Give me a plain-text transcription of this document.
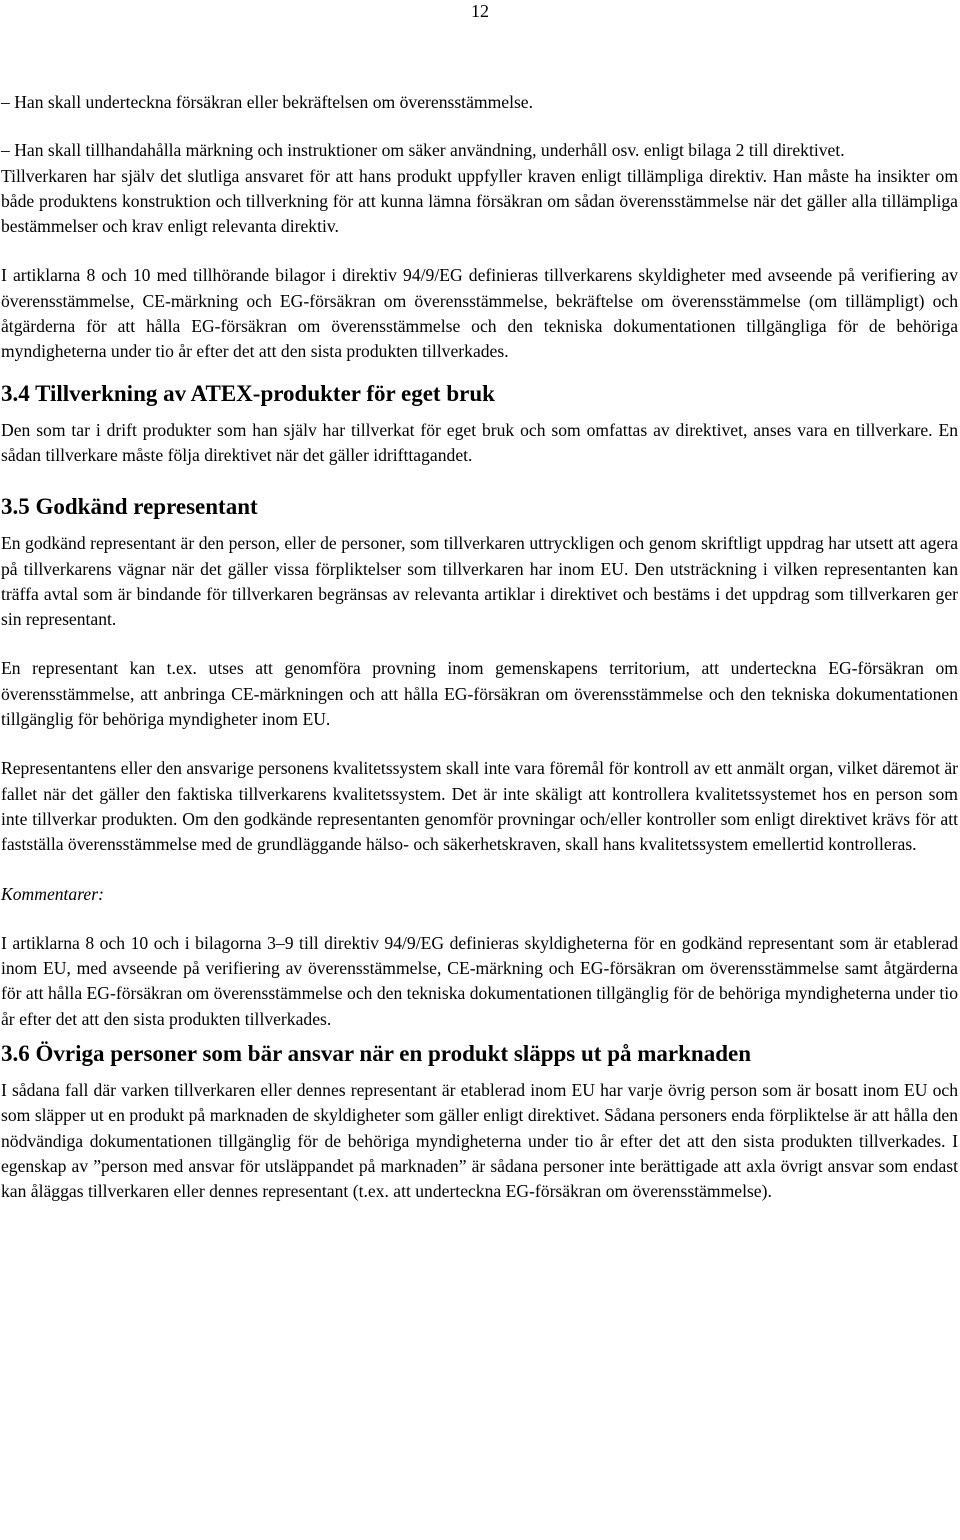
12

– Han skall underteckna försäkran eller bekräftelsen om överensstämmelse.

– Han skall tillhandahålla märkning och instruktioner om säker användning, underhåll osv. enligt bilaga 2 till direktivet.

Tillverkaren har själv det slutliga ansvaret för att hans produkt uppfyller kraven enligt tillämpliga direktiv. Han måste ha insikter om både produktens konstruktion och tillverkning för att kunna lämna försäkran om sådan överensstämmelse när det gäller alla tillämpliga bestämmelser och krav enligt relevanta direktiv.

I artiklarna 8 och 10 med tillhörande bilagor i direktiv 94/9/EG definieras tillverkarens skyldigheter med avseende på verifiering av överensstämmelse, CE-märkning och EG-försäkran om överensstämmelse, bekräftelse om överensstämmelse (om tillämpligt) och åtgärderna för att hålla EG-försäkran om överensstämmelse och den tekniska dokumentationen tillgängliga för de behöriga myndigheterna under tio år efter det att den sista produkten tillverkades.

3.4 Tillverkning av ATEX-produkter för eget bruk

Den som tar i drift produkter som han själv har tillverkat för eget bruk och som omfattas av direktivet, anses vara en tillverkare. En sådan tillverkare måste följa direktivet när det gäller idrifttagandet.

3.5 Godkänd representant

En godkänd representant är den person, eller de personer, som tillverkaren uttryckligen och genom skriftligt uppdrag har utsett att agera på tillverkarens vägnar när det gäller vissa förpliktelser som tillverkaren har inom EU. Den utsträckning i vilken representanten kan träffa avtal som är bindande för tillverkaren begränsas av relevanta artiklar i direktivet och bestäms i det uppdrag som tillverkaren ger sin representant.

En representant kan t.ex. utses att genomföra provning inom gemenskapens territorium, att underteckna EG-försäkran om överensstämmelse, att anbringa CE-märkningen och att hålla EG-försäkran om överensstämmelse och den tekniska dokumentationen tillgänglig för behöriga myndigheter inom EU.

Representantens eller den ansvarige personens kvalitetssystem skall inte vara föremål för kontroll av ett anmält organ, vilket däremot är fallet när det gäller den faktiska tillverkarens kvalitetssystem. Det är inte skäligt att kontrollera kvalitetssystemet hos en person som inte tillverkar produkten. Om den godkände representanten genomför provningar och/eller kontroller som enligt direktivet krävs för att fastställa överensstämmelse med de grundläggande hälso- och säkerhetskraven, skall hans kvalitetssystem emellertid kontrolleras.

Kommentarer:

I artiklarna 8 och 10 och i bilagorna 3–9 till direktiv 94/9/EG definieras skyldigheterna för en godkänd representant som är etablerad inom EU, med avseende på verifiering av överensstämmelse, CE-märkning och EG-försäkran om överensstämmelse samt åtgärderna för att hålla EG-försäkran om överensstämmelse och den tekniska dokumentationen tillgänglig för de behöriga myndigheterna under tio år efter det att den sista produkten tillverkades.

3.6 Övriga personer som bär ansvar när en produkt släpps ut på marknaden

I sådana fall där varken tillverkaren eller dennes representant är etablerad inom EU har varje övrig person som är bosatt inom EU och som släpper ut en produkt på marknaden de skyldigheter som gäller enligt direktivet. Sådana personers enda förpliktelse är att hålla den nödvändiga dokumentationen tillgänglig för de behöriga myndigheterna under tio år efter det att den sista produkten tillverkades. I egenskap av ”person med ansvar för utsläppandet på marknaden” är sådana personer inte berättigade att axla övrigt ansvar som endast kan åläggas tillverkaren eller dennes representant (t.ex. att underteckna EG-försäkran om överensstämmelse).
